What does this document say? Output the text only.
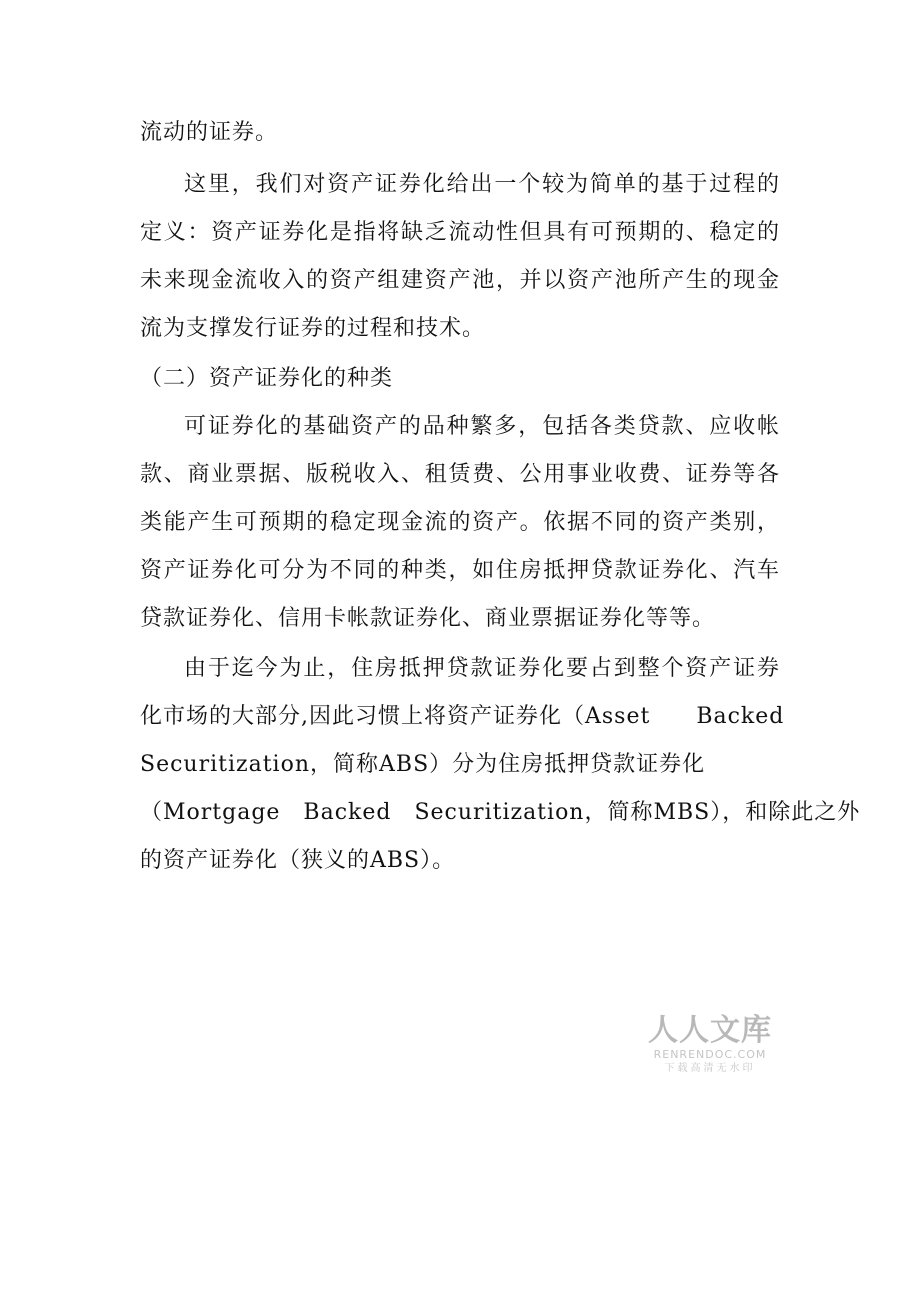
流动的证券。
这里，我们对资产证券化给出一个较为简单的基于过程的
定义：资产证券化是指将缺乏流动性但具有可预期的、稳定的
未来现金流收入的资产组建资产池，并以资产池所产生的现金
流为支撑发行证券的过程和技术。
（二）资产证券化的种类
可证券化的基础资产的品种繁多，包括各类贷款、应收帐
款、商业票据、版税收入、租赁费、公用事业收费、证券等各
类能产生可预期的稳定现金流的资产。依据不同的资产类别，
资产证券化可分为不同的种类，如住房抵押贷款证券化、汽车
贷款证券化、信用卡帐款证券化、商业票据证券化等等。
由于迄今为止，住房抵押贷款证券化要占到整个资产证券
化市场的大部分,因此习惯上将资产证券化（Asset　　Backed
Securitization，简称ABS）分为住房抵押贷款证券化
（Mortgage　Backed　Securitization，简称MBS），和除此之外
的资产证券化（狭义的ABS）。
人人文库
RENRENDOC.COM
下载高清无水印
